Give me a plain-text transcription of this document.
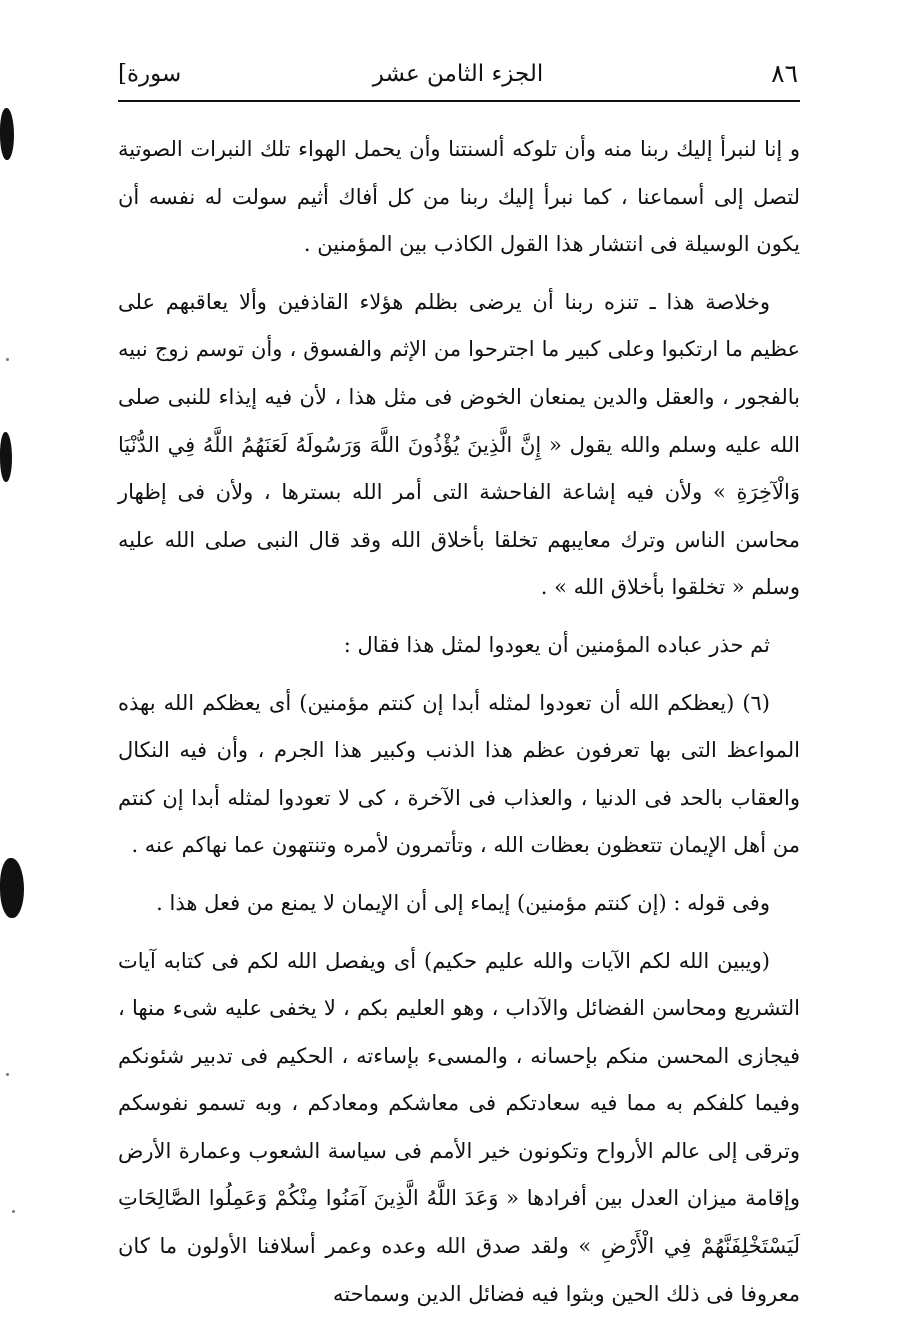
٨٦
الجزء الثامن عشر
[سورة

و إنا لنبرأ إليك ربنا منه وأن تلوكه ألسنتنا وأن يحمل الهواء تلك النبرات الصوتية لتصل إلى أسماعنا ، كما نبرأ إليك ربنا من كل أفاك أثيم سولت له نفسه أن يكون الوسيلة فى انتشار هذا القول الكاذب بين المؤمنين .

وخلاصة هذا ـ تنزه ربنا أن يرضى بظلم هؤلاء القاذفين وألا يعاقبهم على عظيم ما ارتكبوا وعلى كبير ما اجترحوا من الإثم والفسوق ، وأن توسم زوج نبيه بالفجور ، والعقل والدين يمنعان الخوض فى مثل هذا ، لأن فيه إيذاء للنبى صلى الله عليه وسلم والله يقول « إِنَّ الَّذِينَ يُؤْذُونَ اللَّهَ وَرَسُولَهُ لَعَنَهُمُ اللَّهُ فِي الدُّنْيَا وَالْآخِرَةِ » ولأن فيه إشاعة الفاحشة التى أمر الله بسترها ، ولأن فى إظهار محاسن الناس وترك معايبهم تخلقا بأخلاق الله وقد قال النبى صلى الله عليه وسلم « تخلقوا بأخلاق الله » .

ثم حذر عباده المؤمنين أن يعودوا لمثل هذا فقال :

(٦) (يعظكم الله أن تعودوا لمثله أبدا إن كنتم مؤمنين) أى يعظكم الله بهذه المواعظ التى بها تعرفون عظم هذا الذنب وكبير هذا الجرم ، وأن فيه النكال والعقاب بالحد فى الدنيا ، والعذاب فى الآخرة ، كى لا تعودوا لمثله أبدا إن كنتم من أهل الإيمان تتعظون بعظات الله ، وتأتمرون لأمره وتنتهون عما نهاكم عنه .

وفى قوله : (إن كنتم مؤمنين) إيماء إلى أن الإيمان لا يمنع من فعل هذا .

(ويبين الله لكم الآيات والله عليم حكيم) أى ويفصل الله لكم فى كتابه آيات التشريع ومحاسن الفضائل والآداب ، وهو العليم بكم ، لا يخفى عليه شىء منها ، فيجازى المحسن منكم بإحسانه ، والمسىء بإساءته ، الحكيم فى تدبير شئونكم وفيما كلفكم به مما فيه سعادتكم فى معاشكم ومعادكم ، وبه تسمو نفوسكم وترقى إلى عالم الأرواح وتكونون خير الأمم فى سياسة الشعوب وعمارة الأرض وإقامة ميزان العدل بين أفرادها « وَعَدَ اللَّهُ الَّذِينَ آمَنُوا مِنْكُمْ وَعَمِلُوا الصَّالِحَاتِ لَيَسْتَخْلِفَنَّهُمْ فِي الْأَرْضِ » ولقد صدق الله وعده وعمر أسلافنا الأولون ما كان معروفا فى ذلك الحين وبثوا فيه فضائل الدين وسماحته
